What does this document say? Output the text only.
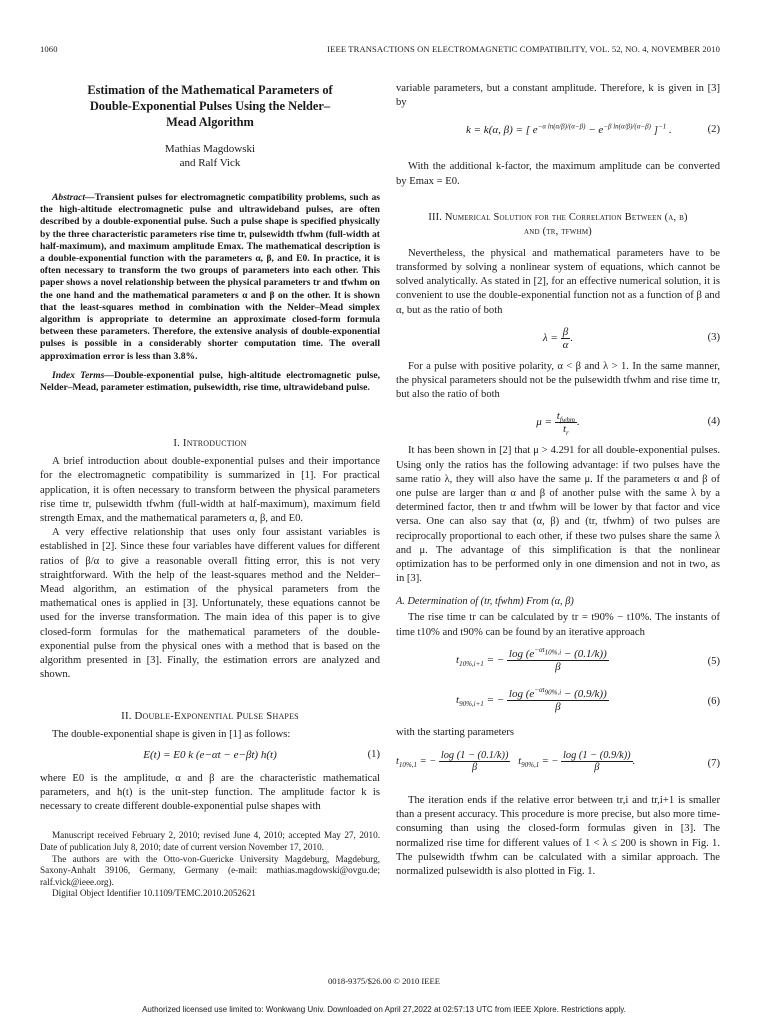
1060	IEEE TRANSACTIONS ON ELECTROMAGNETIC COMPATIBILITY, VOL. 52, NO. 4, NOVEMBER 2010
Estimation of the Mathematical Parameters of Double-Exponential Pulses Using the Nelder–Mead Algorithm
Mathias Magdowski
and Ralf Vick
Abstract—Transient pulses for electromagnetic compatibility problems, such as the high-altitude electromagnetic pulse and ultrawideband pulses, are often described by a double-exponential pulse. Such a pulse shape is specified physically by the three characteristic parameters rise time tr, pulsewidth tfwhm (full-width at half-maximum), and maximum amplitude Emax. The mathematical description is a double-exponential function with the parameters α, β, and E0. In practice, it is often necessary to transform the two groups of parameters into each other. This paper shows a novel relationship between the physical parameters tr and tfwhm on the one hand and the mathematical parameters α and β on the other. It is shown that the least-squares method in combination with the Nelder–Mead simplex algorithm is appropriate to determine an approximate closed-form formula between these parameters. Therefore, the extensive analysis of double-exponential pulses is possible in a considerably shorter computation time. The overall approximation error is less than 3.8%.
Index Terms—Double-exponential pulse, high-altitude electromagnetic pulse, Nelder–Mead, parameter estimation, pulsewidth, rise time, ultrawideband pulse.
I. Introduction

A brief introduction about double-exponential pulses and their importance for the electromagnetic compatibility is summarized in [1]. For practical application, it is often necessary to transform between the physical parameters rise time tr, pulsewidth tfwhm (full-width at half-maximum), maximum field strength Emax, and the mathematical parameters α, β, and E0.

A very effective relationship that uses only four assistant variables is established in [2]. Since these four variables have different values for different ratios of β/α to give a reasonable overall fitting error, this is not very straightforward. With the help of the least-squares method and the Nelder–Mead algorithm, an estimation of the physical parameters from the mathematical ones is applied in [3]. Unfortunately, these equations cannot be used for the inverse transformation. The main idea of this paper is to give closed-form formulas for the mathematical parameters of the double-exponential pulse from the physical ones with a method that is based on the algorithm presented in [3]. Finally, the estimation errors are analyzed and shown.

II. Double-Exponential Pulse Shapes

The double-exponential shape is given in [1] as follows:

E(t) = E0 k (e−αt − e−βt) h(t)	(1)

where E0 is the amplitude, α and β are the characteristic mathematical parameters, and h(t) is the unit-step function. The amplitude factor k is necessary to create different double-exponential pulse shapes with

Manuscript received February 2, 2010; revised June 4, 2010; accepted May 27, 2010. Date of publication July 8, 2010; date of current version November 17, 2010.

The authors are with the Otto-von-Guericke University Magdeburg, Magdeburg, Saxony-Anhalt 39106, Germany, Germany (e-mail: mathias.magdowski@ovgu.de; ralf.vick@ieee.org).

Digital Object Identifier 10.1109/TEMC.2010.2052621

variable parameters, but a constant amplitude. Therefore, k is given in [3] by

k = k(α, β) = [ $e^{-\alpha ln(\alpha/\beta)/(\alpha-\beta)} - e^{-\beta ln(\alpha/\beta)/(\alpha-\beta)}$ ]$^{-1}$ .	(2)

With the additional k-factor, the maximum amplitude can be converted by Emax = E0.

III. Numerical Solution for the Correlation Between (α, β)
and (tr, tfwhm)

Nevertheless, the physical and mathematical parameters have to be transformed by solving a nonlinear system of equations, which cannot be solved analytically. As stated in [2], for an effective numerical solution, it is convenient to use the double-exponential function not as a function of β and α, but as the ratio of both

$\lambda = \frac{\beta}{\alpha}$ .	(3)

For a pulse with positive polarity, α < β and λ > 1. In the same manner, the physical parameters should not be the pulsewidth tfwhm and rise time tr, but also the ratio of both

$\mu = \frac{t_{fwhm}}{t_r}$ .	(4)

It has been shown in [2] that μ > 4.291 for all double-exponential pulses. Using only the ratios has the following advantage: if two pulses have the same ratio λ, they will also have the same μ. If the parameters α and β of one pulse are larger than α and β of another pulse with the same λ by a determined factor, then tr and tfwhm will be lower by that factor and vice versa. One can also say that (α, β) and (tr, tfwhm) of two pulses are reciprocally proportional to each other, if these two pulses share the same λ and μ. The advantage of this simplification is that the nonlinear optimization has to be performed only in one dimension and not in two, as in [3].

A. Determination of (tr, tfwhm) From (α, β)

The rise time tr can be calculated by tr = t90% − t10%. The instants of time t10% and t90% can be found by an iterative approach

$t_{10\%,i+1}$ = − $\frac{\log (e^{-\alpha t_{10\%,i}} - (0.1/k))}{\beta}$	(5)
$t_{90\%,i+1}$ = − $\frac{\log (e^{-\alpha t_{90\%,i}} - (0.9/k))}{\beta}$	(6)

with the starting parameters

$t_{10\%,1}$ = − $\frac{\log (1 - (0.1/k))}{\beta} t_{90\%,1}$ = − $\frac{\log (1 - (0.9/k))}{\beta}$ .	(7)

The iteration ends if the relative error between tr,i and tr,i+1 is smaller than a present accuracy. This procedure is more precise, but also more time-consuming than using the closed-form formulas given in [3]. The normalized rise time for different values of 1 < λ ≤ 200 is shown in Fig. 1. The pulsewidth tfwhm can be calculated with a similar approach. The normalized pulsewidth is also plotted in Fig. 1.

0018-9375/$26.00 © 2010 IEEE
Authorized licensed use limited to: Wonkwang Univ. Downloaded on April 27,2022 at 02:57:13 UTC from IEEE Xplore. Restrictions apply.
